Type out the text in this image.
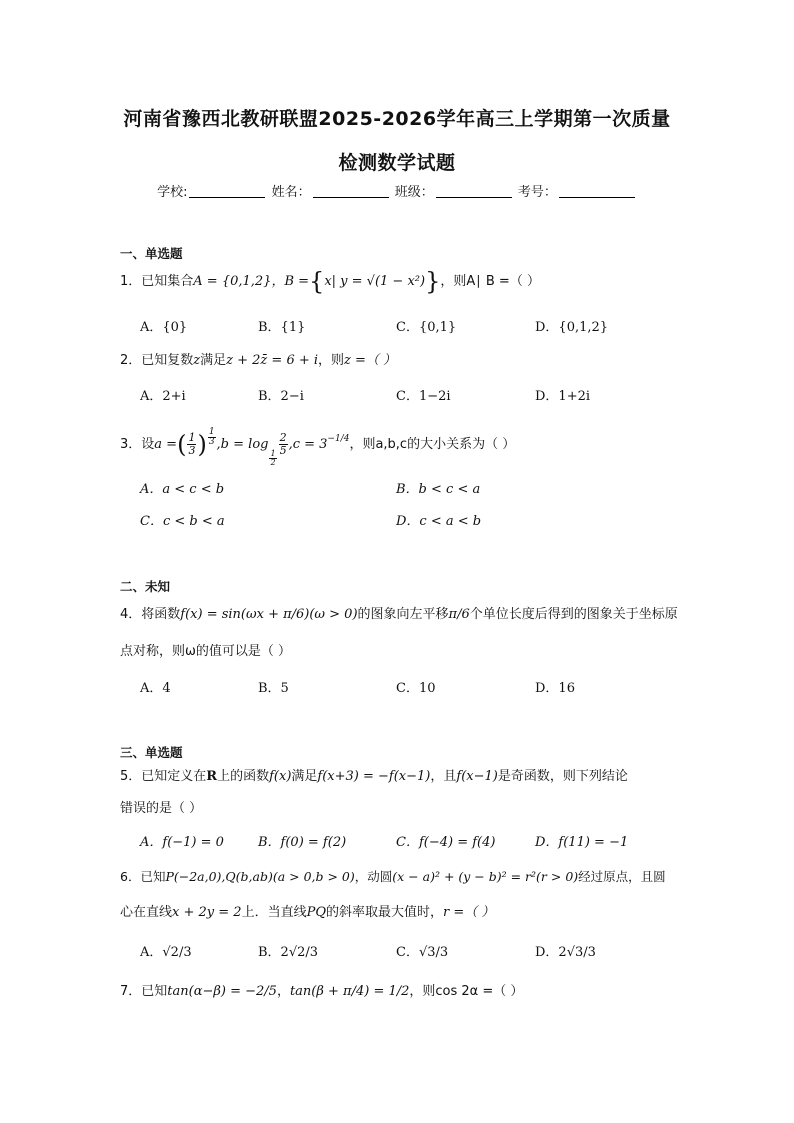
河南省豫西北教研联盟2025-2026学年高三上学期第一次质量
检测数学试题
学校:	姓名：	班级：	考号：
一、单选题
1．已知集合A = {0,1,2}，B ={x| y = √(1 − x²)}，则A∣ B =（ ）
A．{0}	B．{1}	C．{0,1}	D．{0,1,2}
2．已知复数z满足z + 2z̄ = 6 + i，则z =（ ）
A．2+i	B．2−i	C．1−2i	D．1+2i
3．设a =( $\frac{1}{3}$ ) $\frac{1}{3} ,b = \log$
$\frac{1}{2}$
$\frac{2}{5} ,c = 3^{-1/4}$，则a,b,c的大小关系为（ ）
A．a < c < b	B．b < c < a
C．c < b < a	D．c < a < b
二、未知
4．将函数f(x) = sin(ωx + π/6)(ω > 0)的图象向左平移π/6个单位长度后得到的图象关于坐标原
点对称，则ω的值可以是（ ）
A．4	B．5	C．10	D．16
三、单选题
5．已知定义在R上的函数f(x)满足f(x+3) = −f(x−1)，且f(x−1)是奇函数，则下列结论
错误的是（ ）
A．f(−1) = 0	B．f(0) = f(2)	C．f(−4) = f(4)	D．f(11) = −1
6．已知P(−2a,0),Q(b,ab)(a > 0,b > 0)，动圆(x − a)² + (y − b)² = r²(r > 0)经过原点，且圆
心在直线x + 2y = 2上．当直线PQ的斜率取最大值时，r =（ ）
A．√2/3	B．2√2/3	C．√3/3	D．2√3/3
7．已知tan(α−β) = −2/5，tan(β + π/4) = 1/2，则cos 2α =（ ）
